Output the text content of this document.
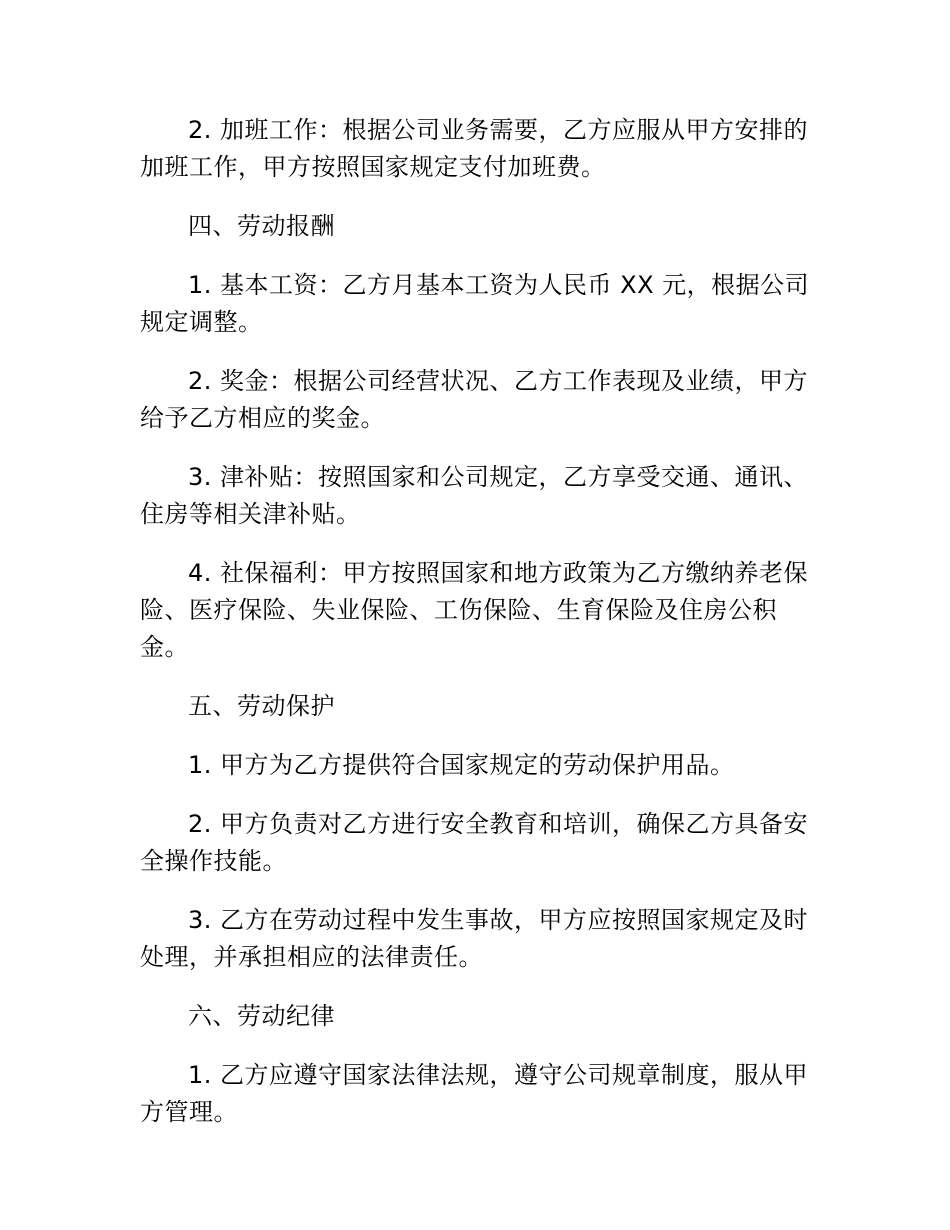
2. 加班工作：根据公司业务需要，乙方应服从甲方安排的加班工作，甲方按照国家规定支付加班费。

四、劳动报酬

1. 基本工资：乙方月基本工资为人民币 XX 元，根据公司规定调整。

2. 奖金：根据公司经营状况、乙方工作表现及业绩，甲方给予乙方相应的奖金。

3. 津补贴：按照国家和公司规定，乙方享受交通、通讯、住房等相关津补贴。

4. 社保福利：甲方按照国家和地方政策为乙方缴纳养老保险、医疗保险、失业保险、工伤保险、生育保险及住房公积金。

五、劳动保护

1. 甲方为乙方提供符合国家规定的劳动保护用品。

2. 甲方负责对乙方进行安全教育和培训，确保乙方具备安全操作技能。

3. 乙方在劳动过程中发生事故，甲方应按照国家规定及时处理，并承担相应的法律责任。

六、劳动纪律

1. 乙方应遵守国家法律法规，遵守公司规章制度，服从甲方管理。
